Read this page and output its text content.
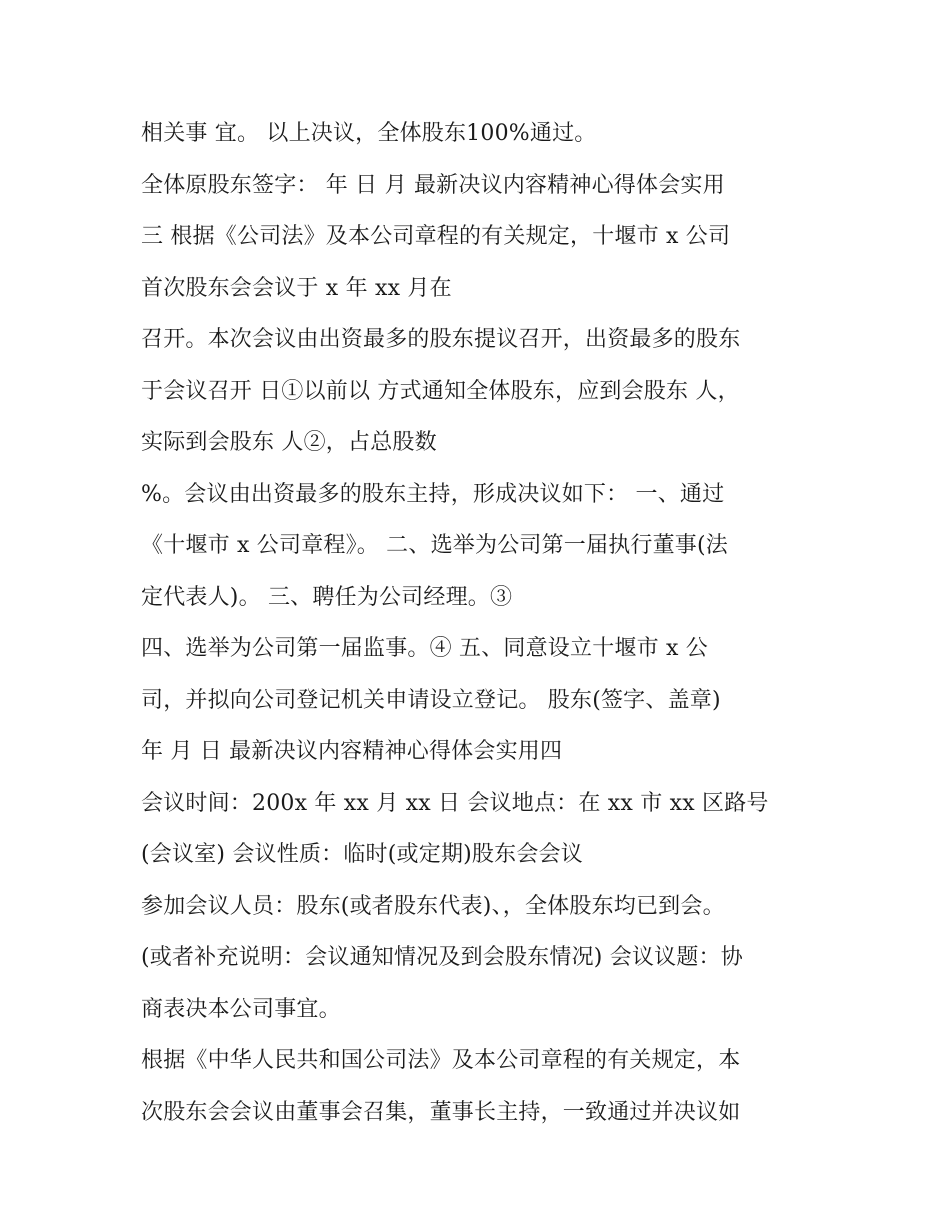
相关事 宜。 以上决议，全体股东100%通过。
全体原股东签字： 年 日 月 最新决议内容精神心得体会实用
三 根据《公司法》及本公司章程的有关规定，十堰市 x 公司
首次股东会会议于 x 年 xx 月在
召开。本次会议由出资最多的股东提议召开，出资最多的股东
于会议召开 日①以前以 方式通知全体股东，应到会股东 人，
实际到会股东 人②，占总股数
%。会议由出资最多的股东主持，形成决议如下： 一、通过
《十堰市 x 公司章程》。 二、选举为公司第一届执行董事(法
定代表人)。 三、聘任为公司经理。③
四、选举为公司第一届监事。④ 五、同意设立十堰市 x 公
司，并拟向公司登记机关申请设立登记。 股东(签字、盖章)
年 月 日 最新决议内容精神心得体会实用四
会议时间：200x 年 xx 月 xx 日 会议地点：在 xx 市 xx 区路号
(会议室) 会议性质：临时(或定期)股东会会议
参加会议人员：股东(或者股东代表)、，全体股东均已到会。
(或者补充说明：会议通知情况及到会股东情况) 会议议题：协
商表决本公司事宜。
根据《中华人民共和国公司法》及本公司章程的有关规定，本
次股东会会议由董事会召集，董事长主持，一致通过并决议如
